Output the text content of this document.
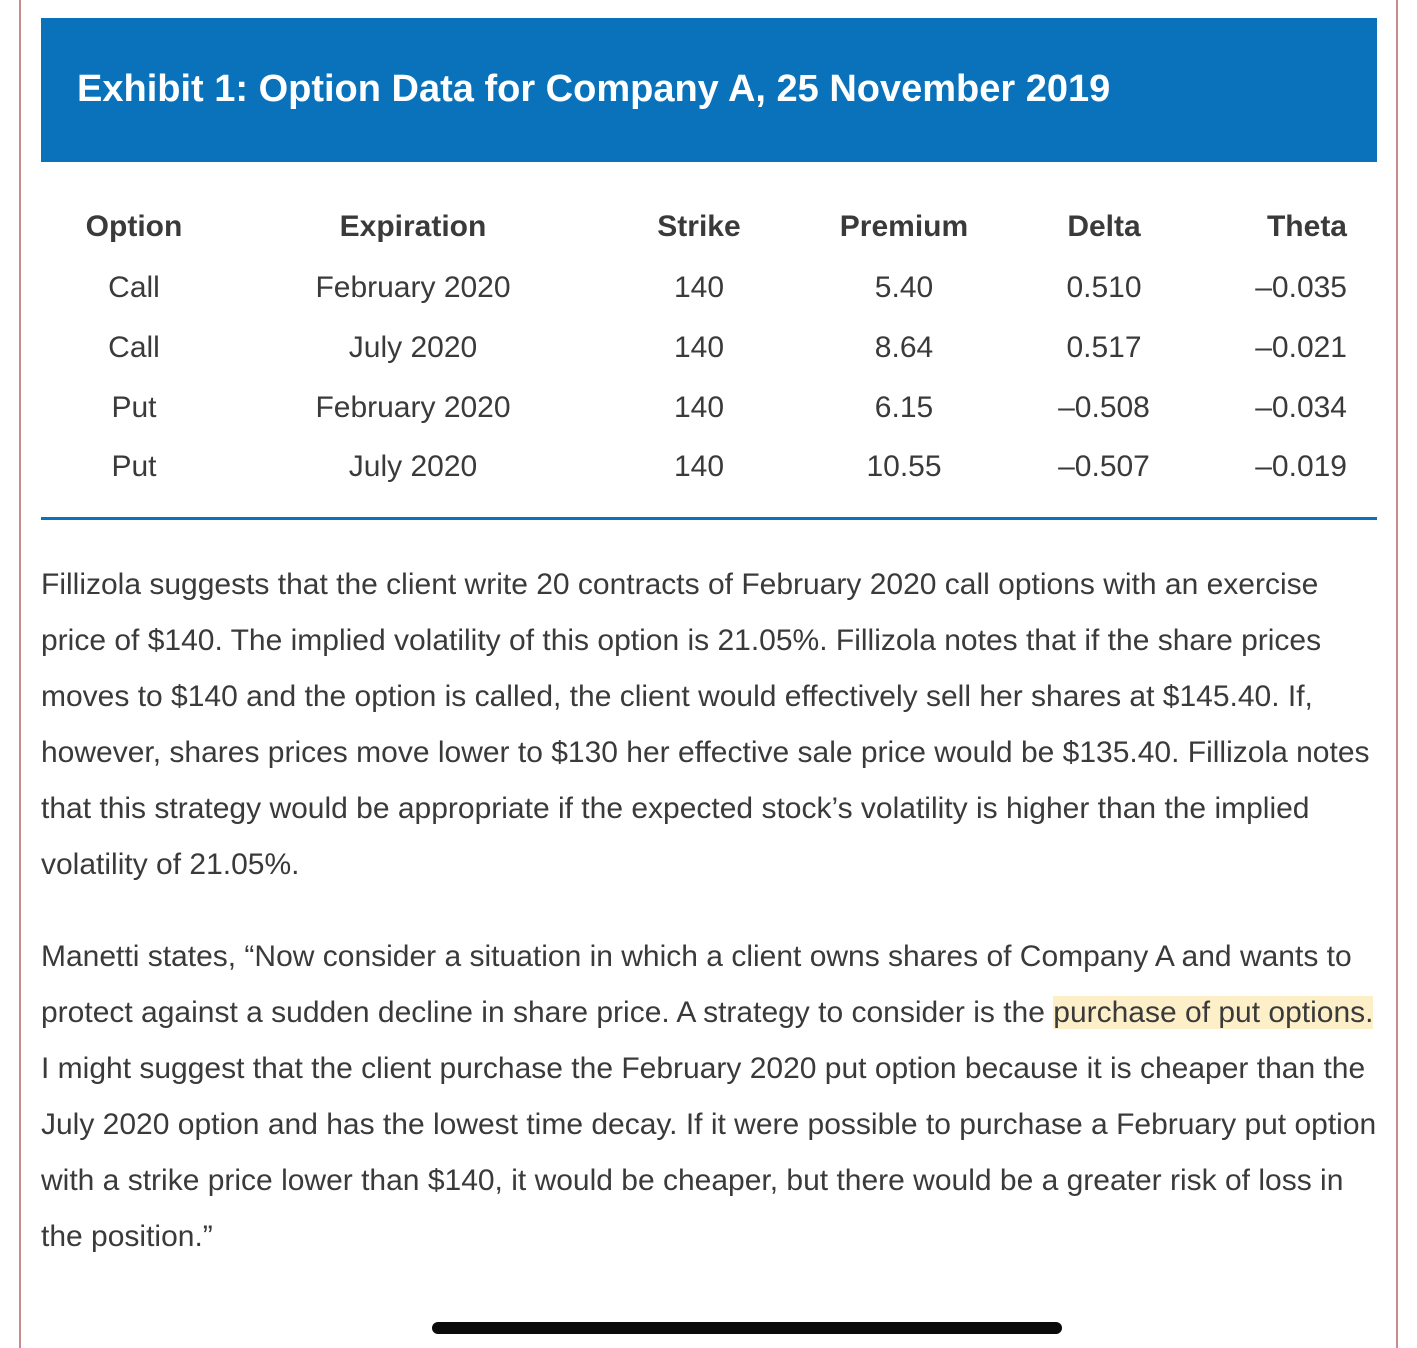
Exhibit 1: Option Data for Company A, 25 November 2019
Option	Expiration	Strike	Premium	Delta	Theta
Call	February 2020	140	5.40	0.510	–0.035
Call	July 2020	140	8.64	0.517	–0.021
Put	February 2020	140	6.15	–0.508	–0.034
Put	July 2020	140	10.55	–0.507	–0.019

Fillizola suggests that the client write 20 contracts of February 2020 call options with an exercise price of $140. The implied volatility of this option is 21.05%. Fillizola notes that if the share prices moves to $140 and the option is called, the client would effectively sell her shares at $145.40. If, however, shares prices move lower to $130 her effective sale price would be $135.40. Fillizola notes that this strategy would be appropriate if the expected stock’s volatility is higher than the implied volatility of 21.05%.

Manetti states, “Now consider a situation in which a client owns shares of Company A and wants to protect against a sudden decline in share price. A strategy to consider is the purchase of put options. I might suggest that the client purchase the February 2020 put option because it is cheaper than the July 2020 option and has the lowest time decay. If it were possible to purchase a February put option with a strike price lower than $140, it would be cheaper, but there would be a greater risk of loss in the position.”
